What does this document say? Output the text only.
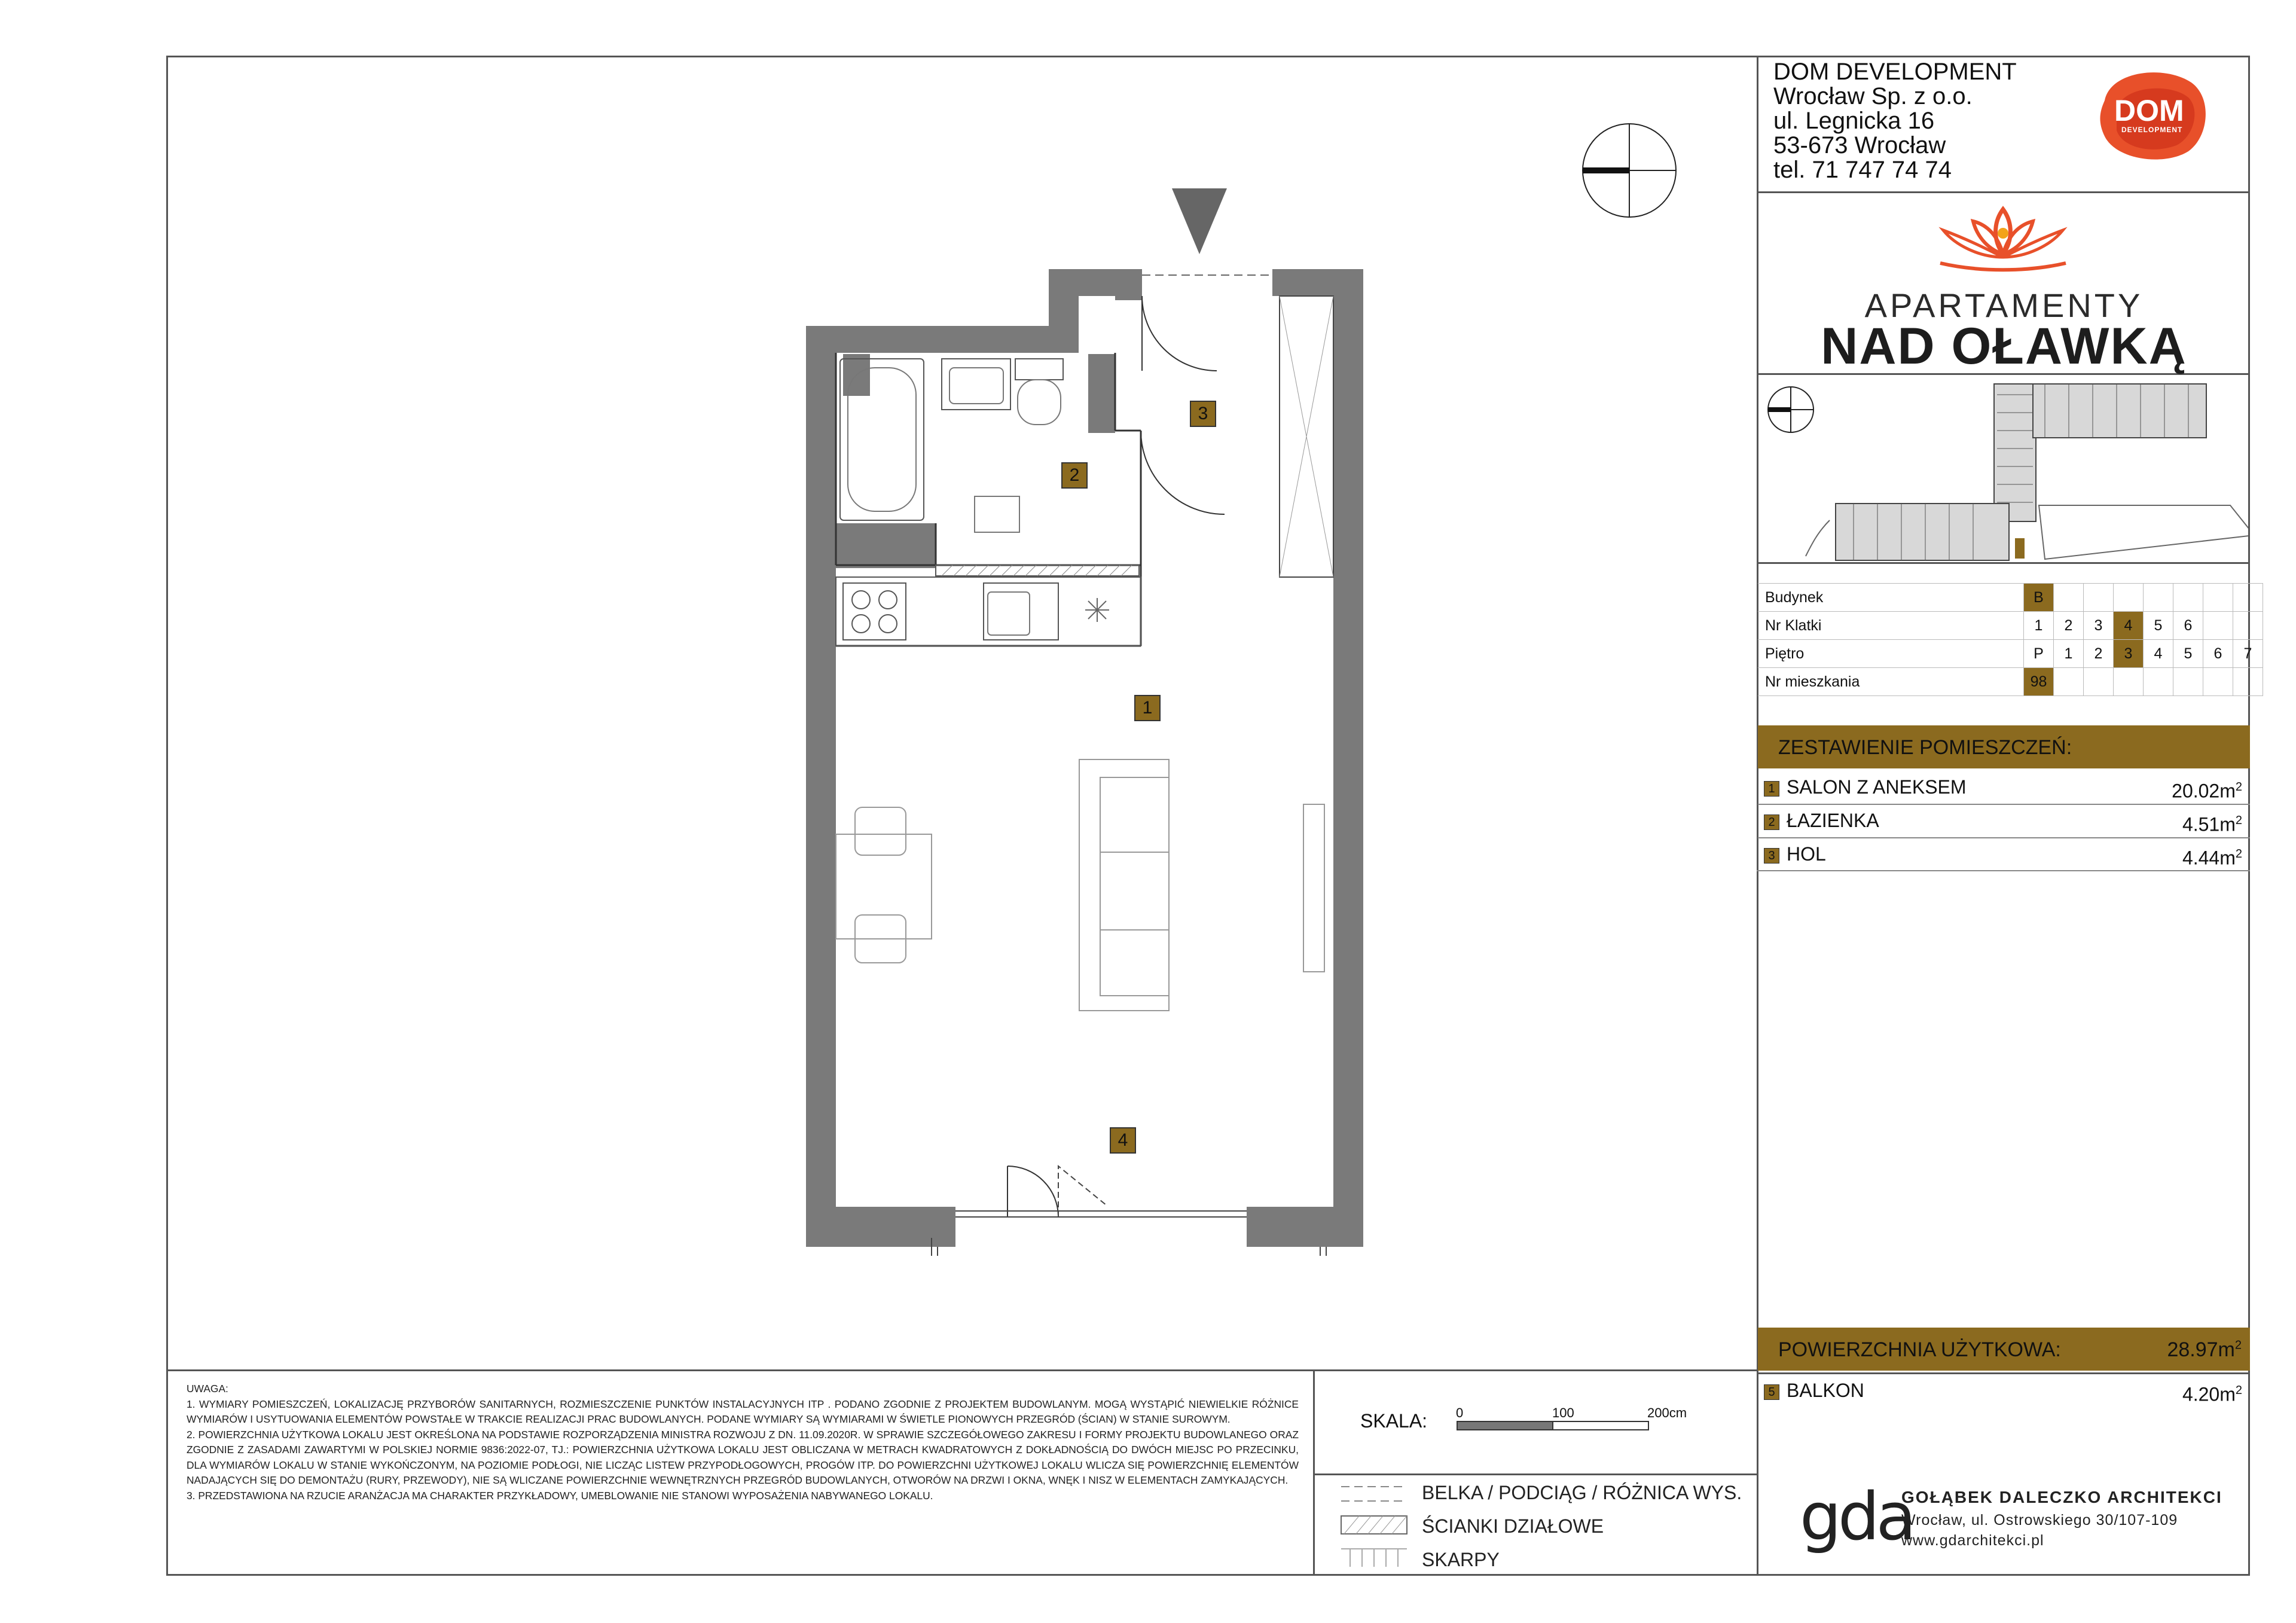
DOM DEVELOPMENT
Wrocław Sp. z o.o.
ul. Legnicka 16
53-673 Wrocław
tel. 71 747 74 74
DOM
DEVELOPMENT
APARTAMENTY
NAD OŁAWKĄ
Budynek	B							
Nr Klatki	1	2	3	4	5	6		
Piętro	P	1	2	3	4	5	6	7
Nr mieszkania	98							
ZESTAWIENIE POMIESZCZEŃ:
1 SALON Z ANEKSEM	$20.02m^2$
2 ŁAZIENKA	$4.51m^2$
3 HOL	$4.44m^2$
POWIERZCHNIA UŻYTKOWA:	$28.97m^2$
5 BALKON	$4.20m^2$
3
2
1
4
UWAGA:
1. WYMIARY POMIESZCZEŃ, LOKALIZACJĘ PRZYBORÓW SANITARNYCH, ROZMIESZCZENIE PUNKTÓW INSTALACYJNYCH ITP . PODANO ZGODNIE Z PROJEKTEM BUDOWLANYM. MOGĄ WYSTĄPIĆ NIEWIELKIE RÓŻNICE WYMIARÓW I USYTUOWANIA ELEMENTÓW POWSTAŁE W TRAKCIE REALIZACJI PRAC BUDOWLANYCH. PODANE WYMIARY SĄ WYMIARAMI W ŚWIETLE PIONOWYCH PRZEGRÓD (ŚCIAN) W STANIE SUROWYM.
2. POWIERZCHNIA UŻYTKOWA LOKALU JEST OKREŚLONA NA PODSTAWIE ROZPORZĄDZENIA MINISTRA ROZWOJU Z DN. 11.09.2020R. W SPRAWIE SZCZEGÓŁOWEGO ZAKRESU I FORMY PROJEKTU BUDOWLANEGO ORAZ ZGODNIE Z ZASADAMI ZAWARTYMI W POLSKIEJ NORMIE 9836:2022-07, TJ.: POWIERZCHNIA UŻYTKOWA LOKALU JEST OBLICZANA W METRACH KWADRATOWYCH Z DOKŁADNOŚCIĄ DO DWÓCH MIEJSC PO PRZECINKU, DLA WYMIARÓW LOKALU W STANIE WYKOŃCZONYM, NA POZIOMIE PODŁOGI, NIE LICZĄC LISTEW PRZYPODŁOGOWYCH, PROGÓW ITP. DO POWIERZCHNI UŻYTKOWEJ LOKALU WLICZA SIĘ POWIERZCHNIĘ ELEMENTÓW NADAJĄCYCH SIĘ DO DEMONTAŻU (RURY, PRZEWODY), NIE SĄ WLICZANE POWIERZCHNIE WEWNĘTRZNYCH PRZEGRÓD BUDOWLANYCH, OTWORÓW NA DRZWI I OKNA, WNĘK I NISZ W ELEMENTACH ZAMYKAJĄCYCH.
3. PRZEDSTAWIONA NA RZUCIE ARANŻACJA MA CHARAKTER PRZYKŁADOWY, UMEBLOWANIE NIE STANOWI WYPOSAŻENIA NABYWANEGO LOKALU.
SKALA: 0	100	200cm
BELKA / PODCIĄG / RÓŻNICA WYS.
ŚCIANKI DZIAŁOWE
SKARPY
gda
GOŁĄBEK DALECZKO ARCHITEKCI
Wrocław, ul. Ostrowskiego 30/107-109
www.gdarchitekci.pl
